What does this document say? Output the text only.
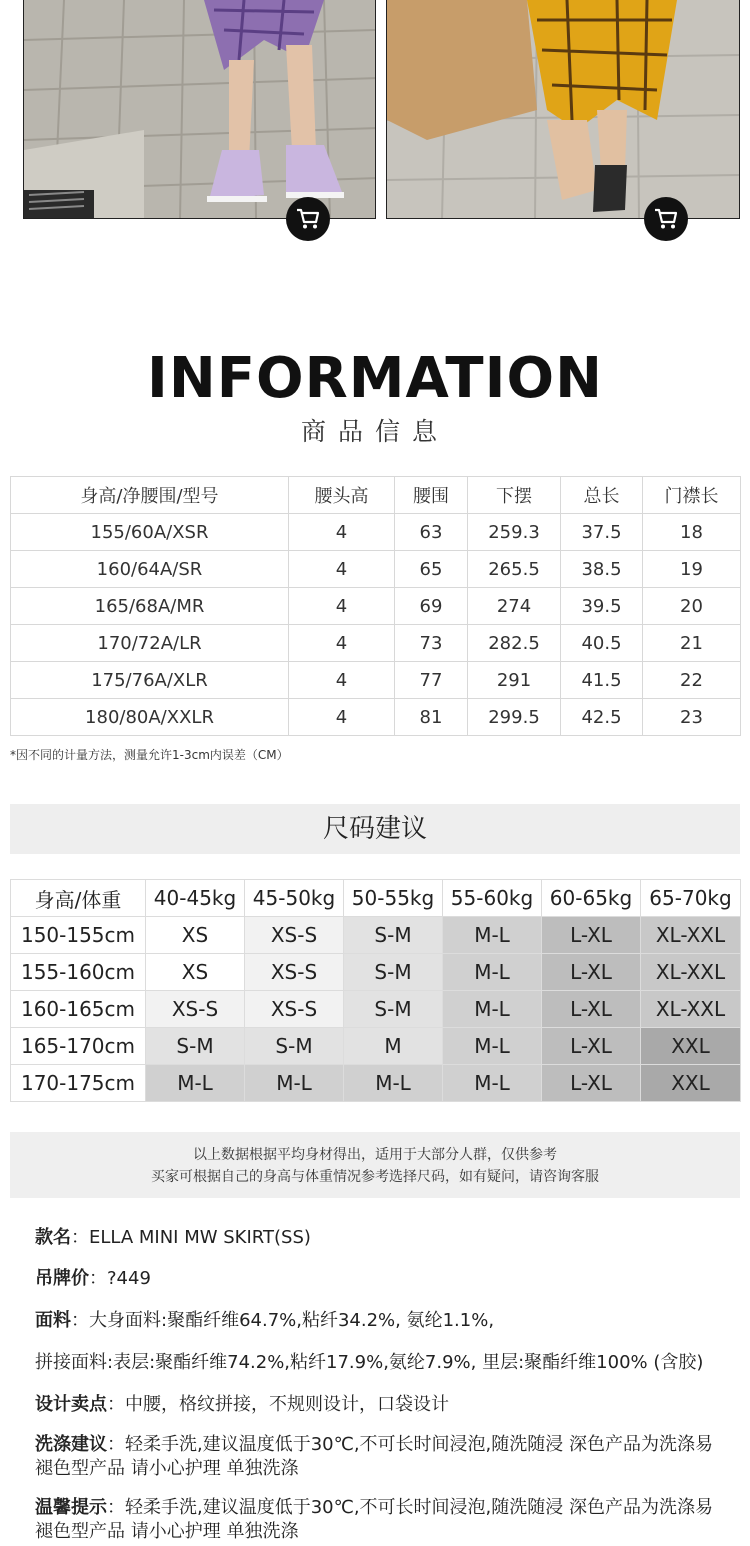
INFORMATION
商品信息
身高/净腰围/型号	腰头高	腰围	下摆	总长	门襟长
155/60A/XSR	4	63	259.3	37.5	18
160/64A/SR	4	65	265.5	38.5	19
165/68A/MR	4	69	274	39.5	20
170/72A/LR	4	73	282.5	40.5	21
175/76A/XLR	4	77	291	41.5	22
180/80A/XXLR	4	81	299.5	42.5	23
*因不同的计量方法，测量允许1-3cm内误差（CM）
尺码建议
身高/体重	40-45kg	45-50kg	50-55kg	55-60kg	60-65kg	65-70kg
150-155cm	XS	XS-S	S-M	M-L	L-XL	XL-XXL
155-160cm	XS	XS-S	S-M	M-L	L-XL	XL-XXL
160-165cm	XS-S	XS-S	S-M	M-L	L-XL	XL-XXL
165-170cm	S-M	S-M	M	M-L	L-XL	XXL
170-175cm	M-L	M-L	M-L	M-L	L-XL	XXL
以上数据根据平均身材得出，适用于大部分人群，仅供参考
买家可根据自己的身高与体重情况参考选择尺码，如有疑问，请咨询客服
款名：ELLA MINI MW SKIRT(SS)
吊牌价：?449
面料：大身面料:聚酯纤维64.7%,粘纤34.2%, 氨纶1.1%,
拼接面料:表层:聚酯纤维74.2%,粘纤17.9%,氨纶7.9%, 里层:聚酯纤维100% (含胶)
设计卖点：中腰，格纹拼接，不规则设计，口袋设计
洗涤建议：轻柔手洗,建议温度低于30℃,不可长时间浸泡,随洗随浸 深色产品为洗涤易褪色型产品 请小心护理 单独洗涤
温馨提示：轻柔手洗,建议温度低于30℃,不可长时间浸泡,随洗随浸 深色产品为洗涤易褪色型产品 请小心护理 单独洗涤
